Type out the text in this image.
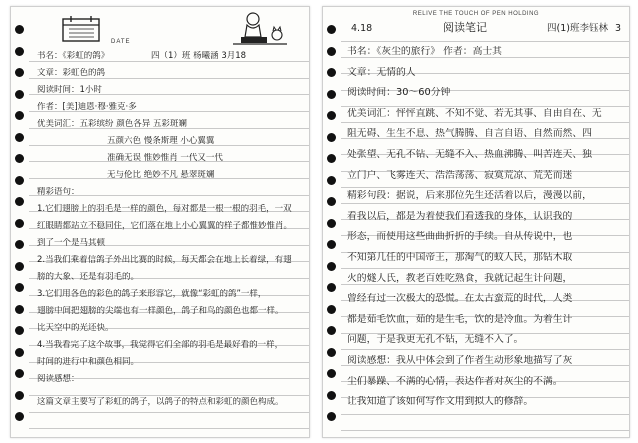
DATE
书名：《彩虹的鸽》	四（1）班 杨曦涵 3月18
文章：彩虹色的鸽
阅读时间：1小时
作者：[美]迪恩·穆·雅克·多
优美词汇：五彩缤纷 颜色各异 五彩斑斓
五颜六色 慢条斯理 小心翼翼
准确无误 惟妙惟肖 一代又一代
无与伦比 绝妙不凡 悬翠斑斓
精彩语句：
1.它们翅膀上的羽毛是一样的颜色，每对都是一根一根的羽毛，一双
红眼睛都站立不稳同住，它们落在地上小心翼翼的样子都惟妙惟肖。
到了一个是马其顿
2.当我们乘着信鸽子外出比赛的时候，每天都会在地上长着绿，有翅
膀的大象、还是有羽毛的。
3.它们用各色的彩色的鸽子来形容它，就像“彩虹的鸽”一样，
翅膀中间把翅膀的尖端也有一样颜色，鸽子和鸟的颜色也都一样。
比天空中的光还快。
4.当我看完了这个故事，我觉得它们全部的羽毛是最好看的一样，
时间的进行中和颜色相同。
阅读感想：
这篇文章主要写了彩虹的鸽子，以鸽子的特点和彩虹的颜色构成。
RELIVE THE TOUCH OF PEN HOLDING
4.18	阅读笔记	四(1)班李钰林 3
书名：《灰尘的旅行》 作者：高士其
文章：无情的人
阅读时间：30～60分钟
优美词汇：怦怦直跳、不知不觉、若无其事、自由自在、无
阻无碍、生生不息、热气腾腾、自言自语、自然而然、四
处张望、无孔不钻、无缝不入、热血沸腾、叫苦连天、独
立门户、飞雾连天、浩浩荡荡、寂寞荒凉、荒芜而迷
精彩句段：据说，后来那位先生还活着以后，漫漫以前，
看我以后，都是为着使我们看透我的身体，认识我的
形态，而使用这些曲曲折折的手续。自从传说中，也
不知第几任的中国帝王，那淘气的蚊人民，那钻木取
火的燧人氏，教老百姓吃熟食，我就记起生计问题，
曾经有过一次极大的恐慌。在太古蛮荒的时代，人类
都是茹毛饮血，茹的是生毛，饮的是冷血。为着生计
问题，于是我更无孔不钻，无缝不入了。
阅读感想：我从中体会到了作者生动形象地描写了灰
尘们暴躁、不满的心情，表达作者对灰尘的不满。
让我知道了该如何写作文用到拟人的修辞。
